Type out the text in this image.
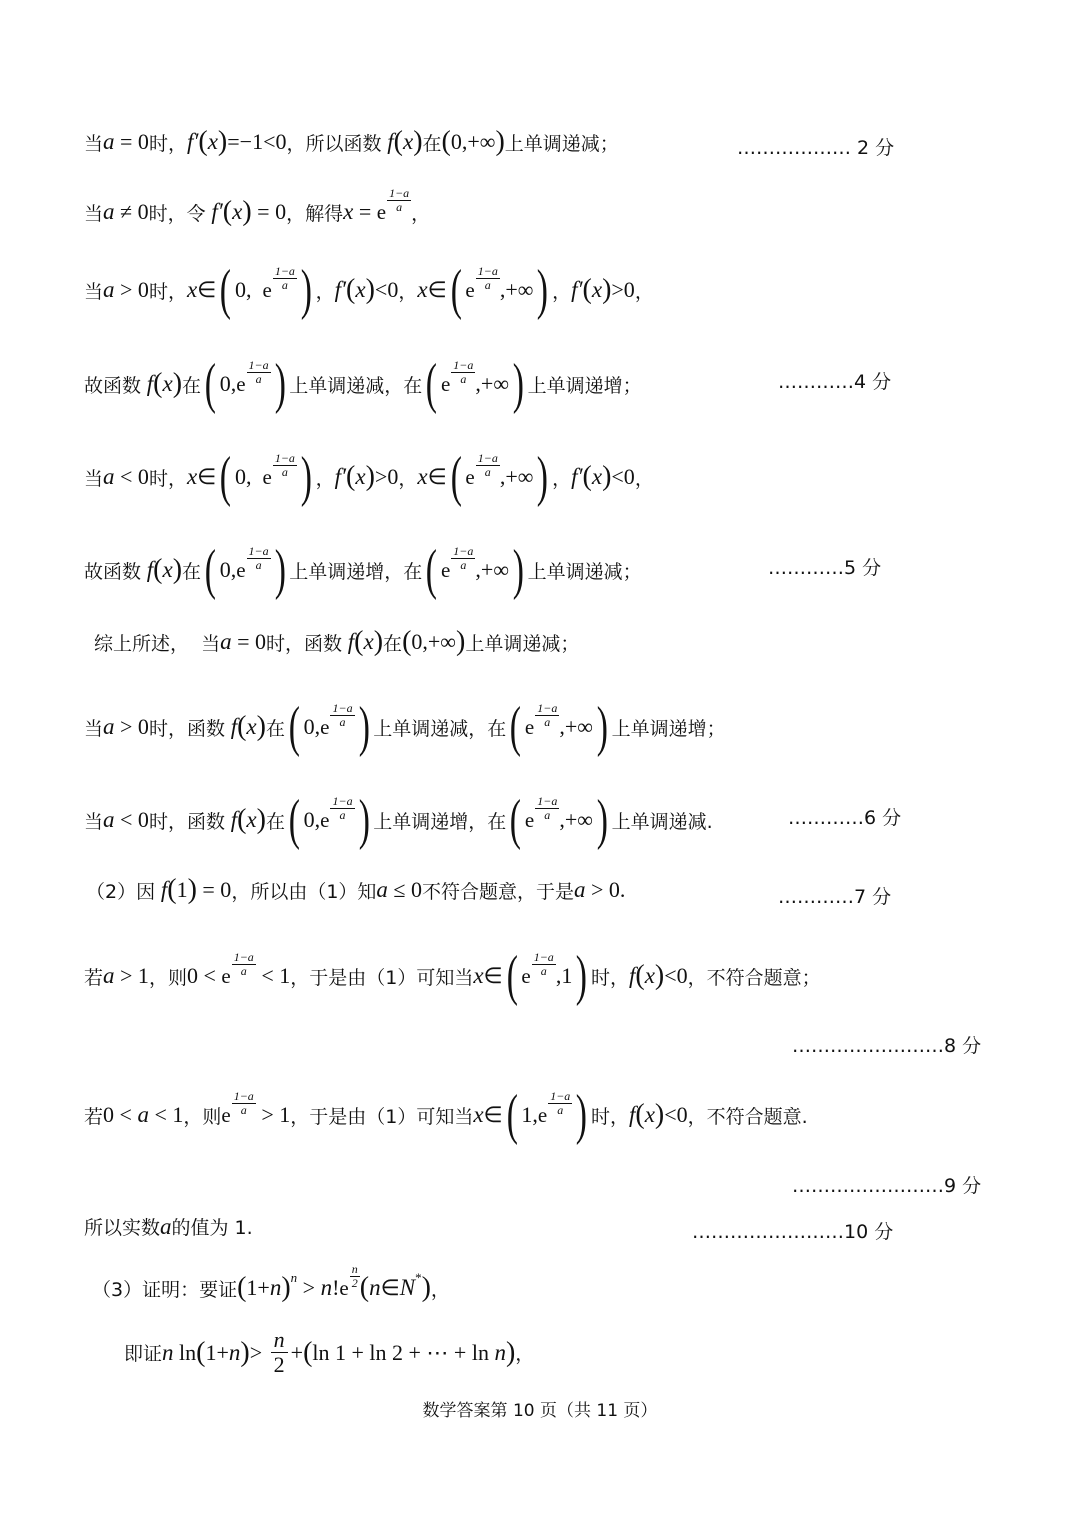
当 a = 0 时， f′ ( x ) =−1<0 ，所以函数 f ( x ) 在 ( 0,+∞ ) 上单调递减；	……………… 2 分
当 a ≠ 0 时，令 f′ ( x ) = 0 ，解得 x = e $\frac{1-a}{a}$ ，
当 a > 0 时， x ∈ ( 0, e $\frac{1-a}{a}$ ) ， f′ ( x ) <0 ， x ∈ ( e $\frac{1-a}{a}$ ,+∞ ) ， f′ ( x ) >0 ，
故函数 f ( x ) 在 ( 0, e $\frac{1-a}{a}$ ) 上单调递减，在 ( e $\frac{1-a}{a}$ ,+∞ ) 上单调递增；	…………4 分
当 a < 0 时， x ∈ ( 0, e $\frac{1-a}{a}$ ) ， f′ ( x ) >0 ， x ∈ ( e $\frac{1-a}{a}$ ,+∞ ) ， f′ ( x ) <0 ，
故函数 f ( x ) 在 ( 0, e $\frac{1-a}{a}$ ) 上单调递增，在 ( e $\frac{1-a}{a}$ ,+∞ ) 上单调递减；	…………5 分
综上所述，  当 a = 0 时，函数 f ( x ) 在 ( 0,+∞ ) 上单调递减；
当 a > 0 时，函数 f ( x ) 在 ( 0, e $\frac{1-a}{a}$ ) 上单调递减，在 ( e $\frac{1-a}{a}$ ,+∞ ) 上单调递增；
当 a < 0 时，函数 f ( x ) 在 ( 0, e $\frac{1-a}{a}$ ) 上单调递增，在 ( e $\frac{1-a}{a}$ ,+∞ ) 上单调递减.	…………6 分
（2）因 f ( 1 ) = 0 ，所以由（1）知 a ≤ 0 不符合题意，于是 a > 0.	…………7 分
若 a > 1 ，则 0 < e $\frac{1-a}{a} < 1$ ，于是由（1）可知当 x ∈ ( e $\frac{1-a}{a} ,1$ ) 时， f ( x ) <0 ，不符合题意；
……………………8 分
若 0 < a < 1 ，则 e $\frac{1-a}{a} > 1$ ，于是由（1）可知当 x ∈ ( 1, e $\frac{1-a}{a}$ ) 时， f ( x ) <0 ，不符合题意.
……………………9 分
所以实数 a 的值为 1.	……………………10 分
（3）证明：要证 ( 1+ n ) n > n ! e $\frac{n}{2}$ ( n ∈ N * ) ，
即证 n ln ( 1+ n ) > n
2 + ( ln 1 + ln 2 + ⋯ + ln n ) ，
数学答案第 10 页（共 11 页）
